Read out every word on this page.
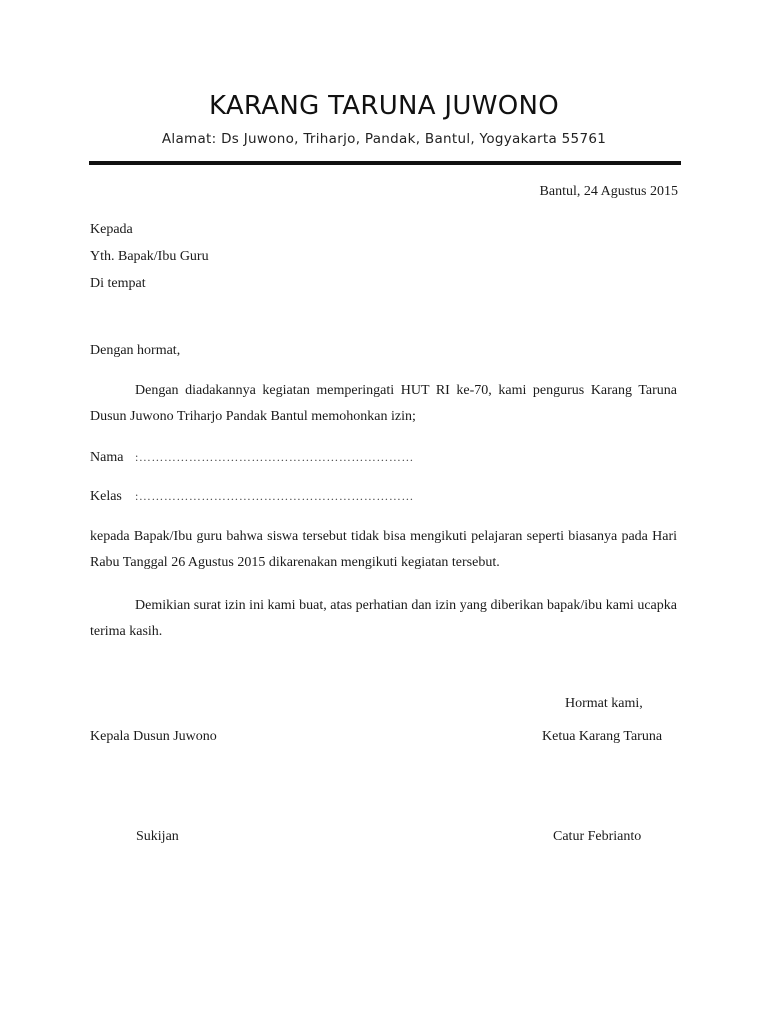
KARANG TARUNA JUWONO
Alamat: Ds Juwono, Triharjo, Pandak, Bantul, Yogyakarta 55761
Bantul, 24 Agustus 2015
Kepada
Yth. Bapak/Ibu Guru
Di tempat
Dengan hormat,
Dengan diadakannya kegiatan memperingati HUT RI ke-70, kami pengurus Karang Taruna Dusun Juwono Triharjo Pandak Bantul memohonkan izin;
Nama :…………………………………………………………
Kelas :…………………………………………………………
kepada Bapak/Ibu guru bahwa siswa tersebut tidak bisa mengikuti pelajaran seperti biasanya pada Hari Rabu Tanggal 26 Agustus 2015 dikarenakan mengikuti kegiatan tersebut.
Demikian surat izin ini kami buat, atas perhatian dan izin yang diberikan bapak/ibu kami ucapka terima kasih.
Hormat kami,
Kepala Dusun Juwono	Ketua Karang Taruna
Sukijan	Catur Febrianto
